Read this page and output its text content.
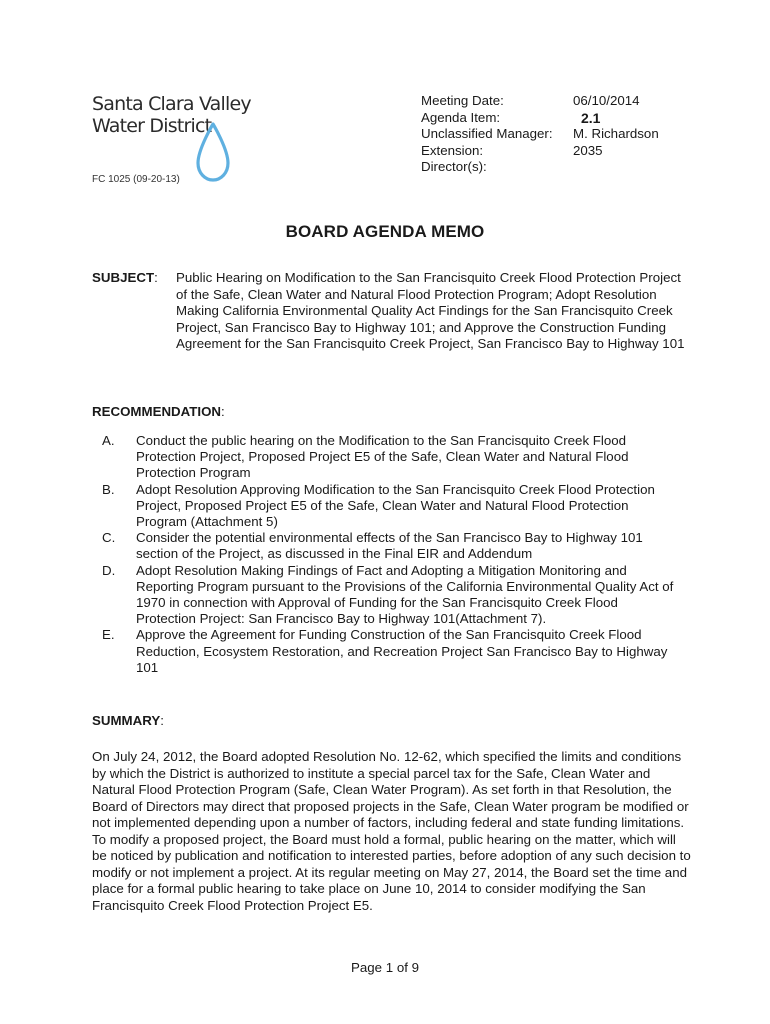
Santa Clara Valley
Water District
FC 1025 (09-20-13)
Meeting Date:	06/10/2014
Agenda Item:	2.1
Unclassified Manager:	M. Richardson
Extension:	2035
Director(s):
BOARD AGENDA MEMO
SUBJECT:	Public Hearing on Modification to the San Francisquito Creek Flood Protection Project of the Safe, Clean Water and Natural Flood Protection Program; Adopt Resolution Making California Environmental Quality Act Findings for the San Francisquito Creek Project, San Francisco Bay to Highway 101; and Approve the Construction Funding Agreement for the San Francisquito Creek Project, San Francisco Bay to Highway 101
RECOMMENDATION:
A.	Conduct the public hearing on the Modification to the San Francisquito Creek Flood Protection Project, Proposed Project E5 of the Safe, Clean Water and Natural Flood Protection Program
B.	Adopt Resolution Approving Modification to the San Francisquito Creek Flood Protection Project, Proposed Project E5 of the Safe, Clean Water and Natural Flood Protection Program (Attachment 5)
C.	Consider the potential environmental effects of the San Francisco Bay to Highway 101 section of the Project, as discussed in the Final EIR and Addendum
D.	Adopt Resolution Making Findings of Fact and Adopting a Mitigation Monitoring and Reporting Program pursuant to the Provisions of the California Environmental Quality Act of 1970 in connection with Approval of Funding for the San Francisquito Creek Flood Protection Project: San Francisco Bay to Highway 101(Attachment 7).
E.	Approve the Agreement for Funding Construction of the San Francisquito Creek Flood Reduction, Ecosystem Restoration, and Recreation Project San Francisco Bay to Highway 101
SUMMARY:
On July 24, 2012, the Board adopted Resolution No. 12-62, which specified the limits and conditions by which the District is authorized to institute a special parcel tax for the Safe, Clean Water and Natural Flood Protection Program (Safe, Clean Water Program). As set forth in that Resolution, the Board of Directors may direct that proposed projects in the Safe, Clean Water program be modified or not implemented depending upon a number of factors, including federal and state funding limitations. To modify a proposed project, the Board must hold a formal, public hearing on the matter, which will be noticed by publication and notification to interested parties, before adoption of any such decision to modify or not implement a project. At its regular meeting on May 27, 2014, the Board set the time and place for a formal public hearing to take place on June 10, 2014 to consider modifying the San Francisquito Creek Flood Protection Project E5.
Page 1 of 9
